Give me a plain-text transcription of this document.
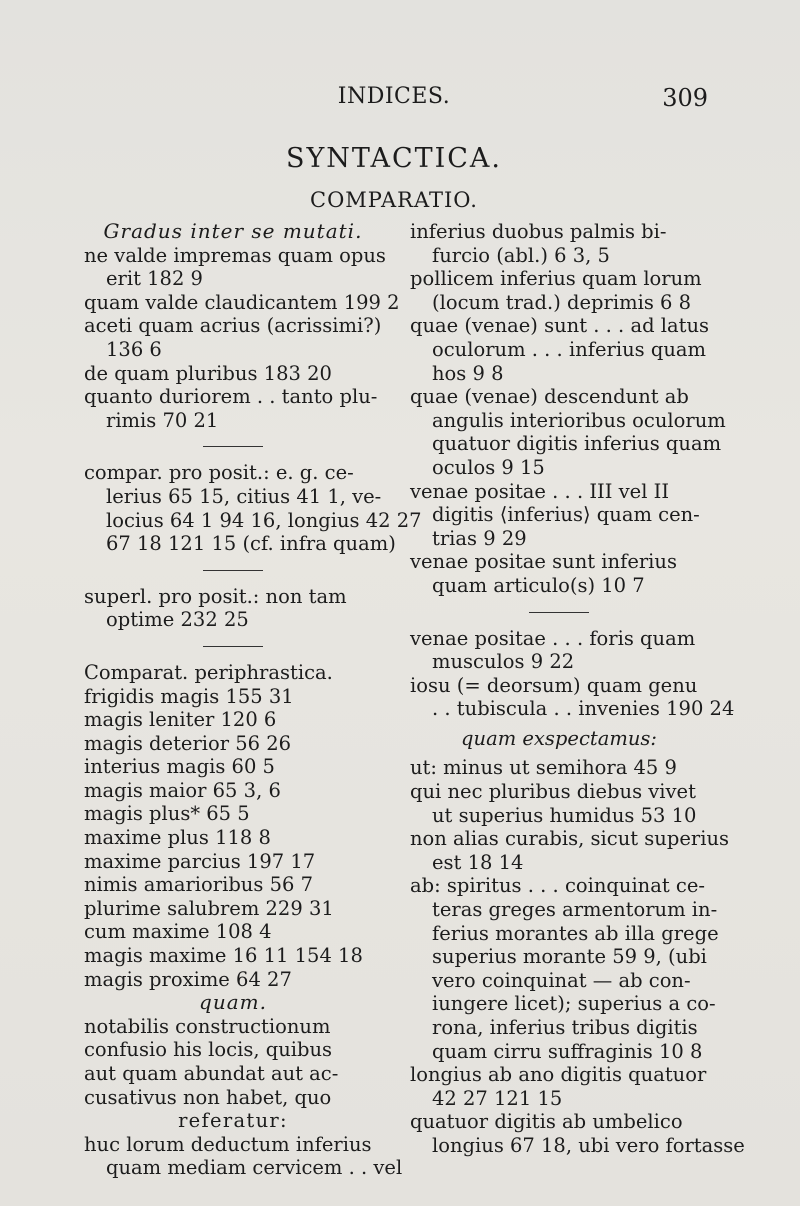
INDICES.	309
SYNTACTICA.
COMPARATIO.
Gradus inter se mutati.
ne valde impremas quam opus
erit 182 9
quam valde claudicantem 199 2
aceti quam acrius (acrissimi?)
136 6
de quam pluribus 183 20
quanto duriorem . . tanto plu-
rimis 70 21
compar. pro posit.: e. g. ce-
lerius 65 15, citius 41 1, ve-
locius 64 1 94 16, longius 42 27
67 18 121 15 (cf. infra quam)
superl. pro posit.: non tam
optime 232 25
Comparat. periphrastica.
frigidis magis 155 31
magis leniter 120 6
magis deterior 56 26
interius magis 60 5
magis maior 65 3, 6
magis plus* 65 5
maxime plus 118 8
maxime parcius 197 17
nimis amarioribus 56 7
plurime salubrem 229 31
cum maxime 108 4
magis maxime 16 11 154 18
magis proxime 64 27
quam.
notabilis constructionum
confusio his locis, quibus
aut quam abundat aut ac-
cusativus non habet, quo
referatur:
huc lorum deductum inferius
quam mediam cervicem . . vel
inferius duobus palmis bi-
furcio (abl.) 6 3, 5
pollicem inferius quam lorum
(locum trad.) deprimis 6 8
quae (venae) sunt . . . ad latus
oculorum . . . inferius quam
hos 9 8
quae (venae) descendunt ab
angulis interioribus oculorum
quatuor digitis inferius quam
oculos 9 15
venae positae . . . III vel II
digitis ⟨inferius⟩ quam cen-
trias 9 29
venae positae sunt inferius
quam articulo(s) 10 7
venae positae . . . foris quam
musculos 9 22
iosu (= deorsum) quam genu
. . tubiscula . . invenies 190 24
quam exspectamus:
ut: minus ut semihora 45 9
qui nec pluribus diebus vivet
ut superius humidus 53 10
non alias curabis, sicut superius
est 18 14
ab: spiritus . . . coinquinat ce-
teras greges armentorum in-
ferius morantes ab illa grege
superius morante 59 9, (ubi
vero coinquinat — ab con-
iungere licet); superius a co-
rona, inferius tribus digitis
quam cirru suffraginis 10 8
longius ab ano digitis quatuor
42 27 121 15
quatuor digitis ab umbelico
longius 67 18, ubi vero fortasse
